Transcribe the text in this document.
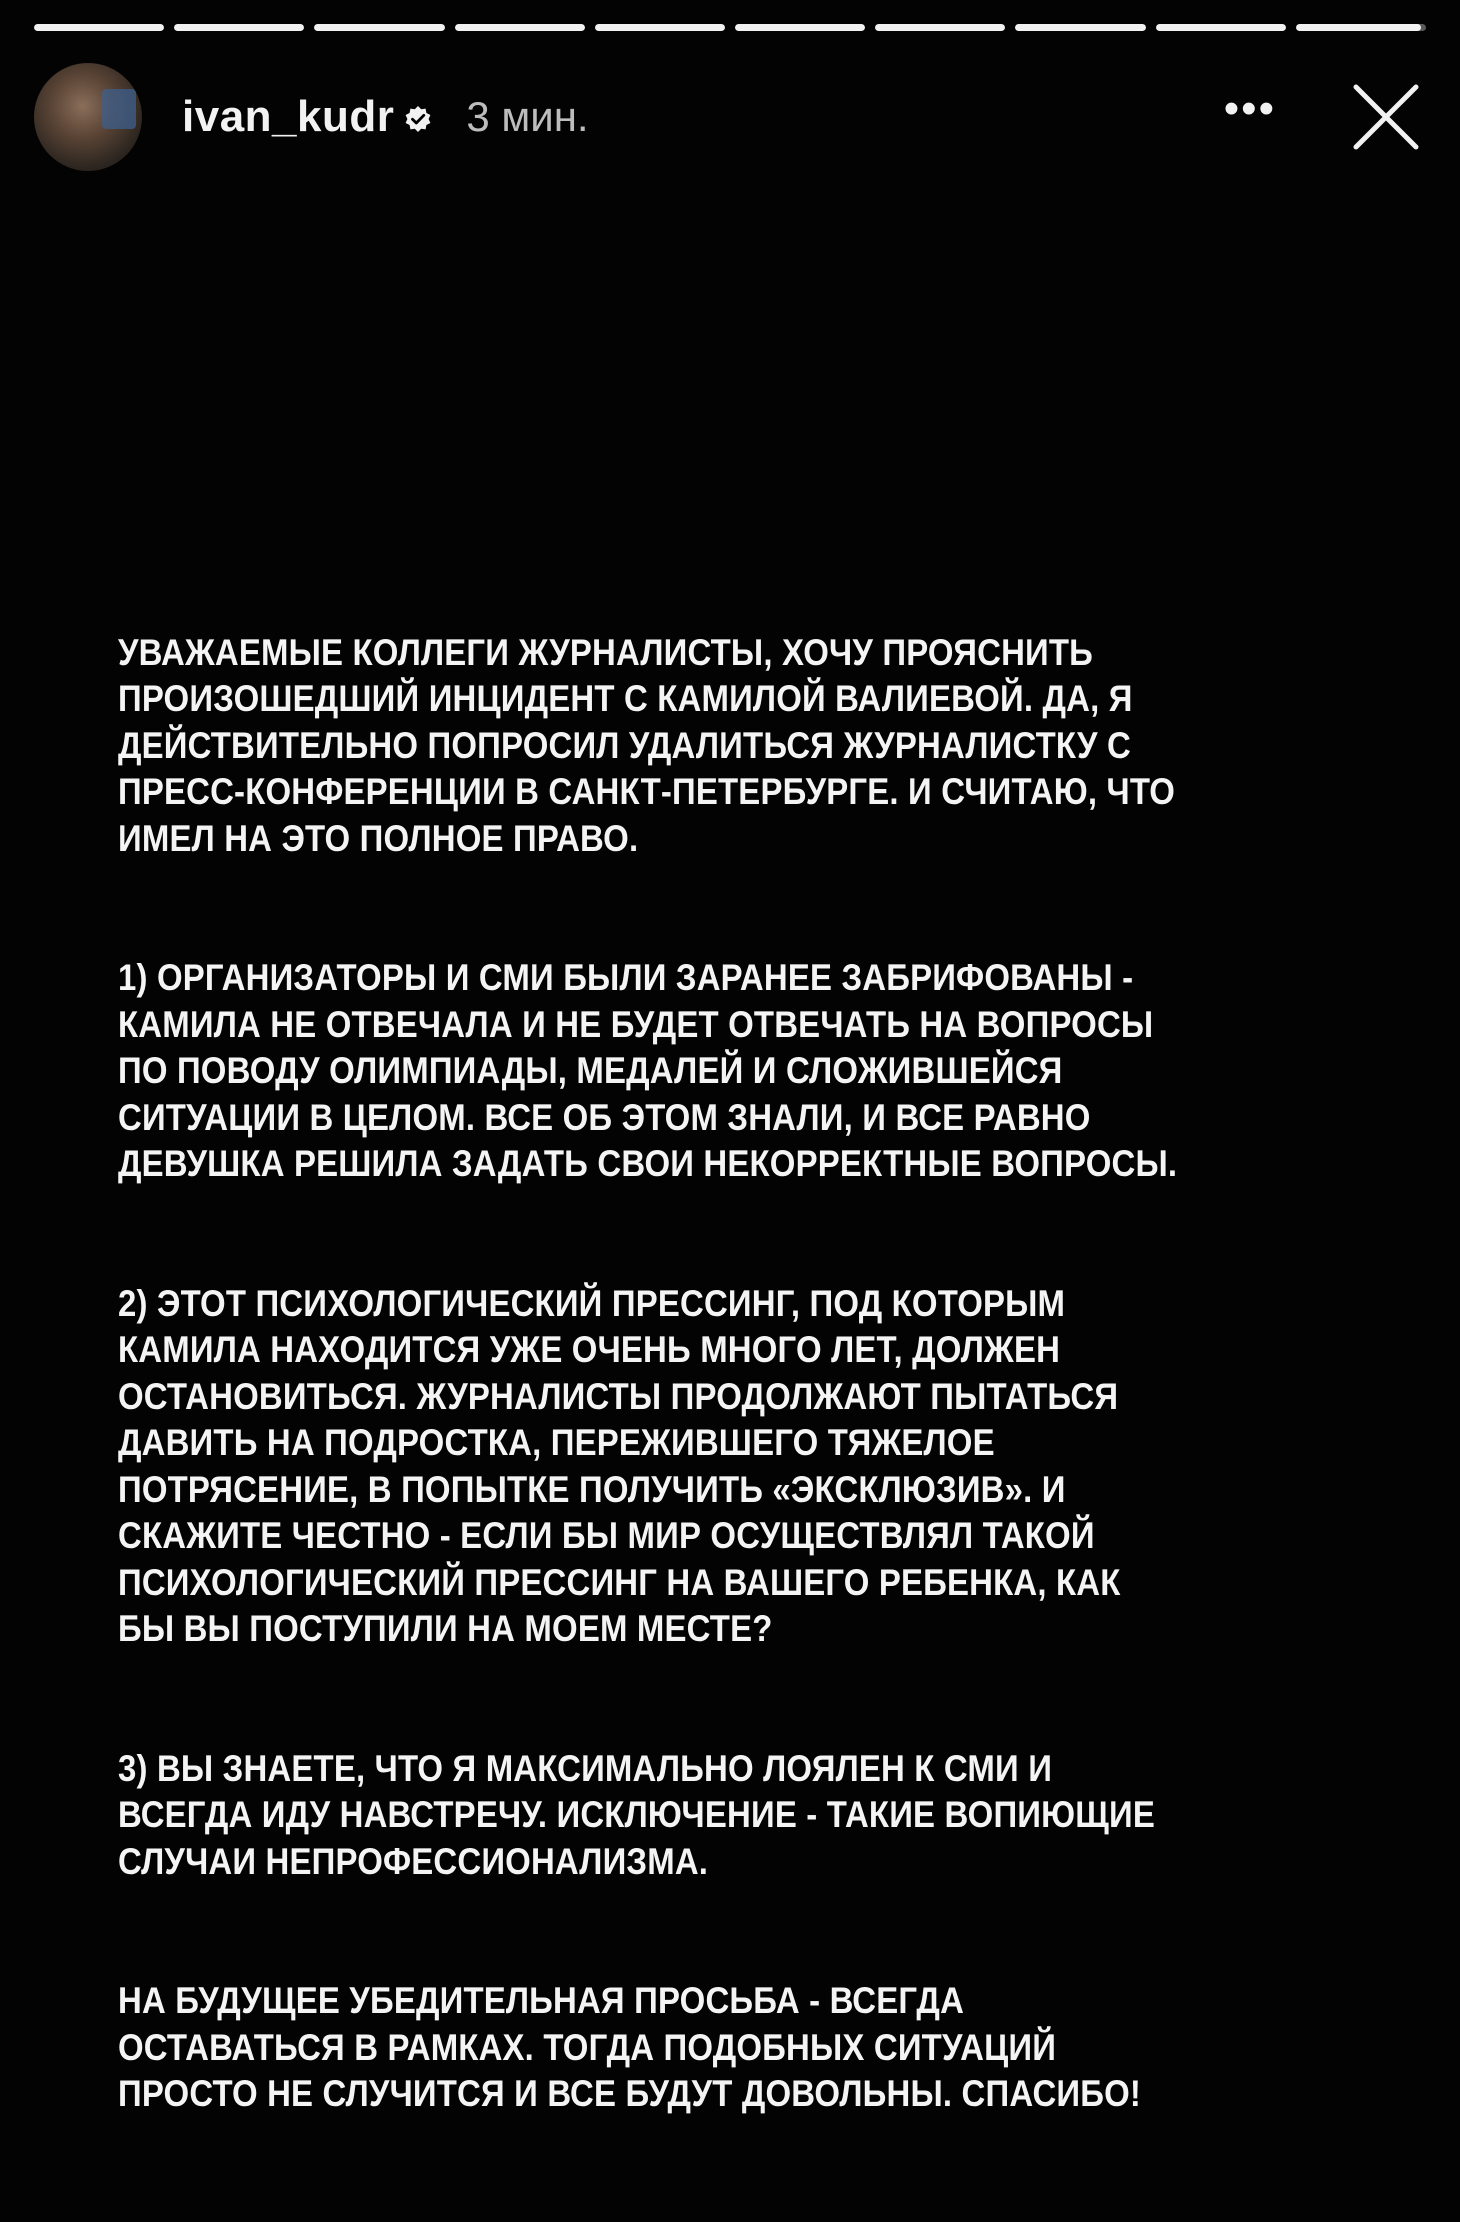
ivan_kudr 3 мин.	•••

УВАЖАЕМЫЕ КОЛЛЕГИ ЖУРНАЛИСТЫ, ХОЧУ ПРОЯСНИТЬ
ПРОИЗОШЕДШИЙ ИНЦИДЕНТ С КАМИЛОЙ ВАЛИЕВОЙ. ДА, Я
ДЕЙСТВИТЕЛЬНО ПОПРОСИЛ УДАЛИТЬСЯ ЖУРНАЛИСТКУ С
ПРЕСС-КОНФЕРЕНЦИИ В САНКТ-ПЕТЕРБУРГЕ. И СЧИТАЮ, ЧТО
ИМЕЛ НА ЭТО ПОЛНОЕ ПРАВО.

1) ОРГАНИЗАТОРЫ И СМИ БЫЛИ ЗАРАНЕЕ ЗАБРИФОВАНЫ -
КАМИЛА НЕ ОТВЕЧАЛА И НЕ БУДЕТ ОТВЕЧАТЬ НА ВОПРОСЫ
ПО ПОВОДУ ОЛИМПИАДЫ, МЕДАЛЕЙ И СЛОЖИВШЕЙСЯ
СИТУАЦИИ В ЦЕЛОМ. ВСЕ ОБ ЭТОМ ЗНАЛИ, И ВСЕ РАВНО
ДЕВУШКА РЕШИЛА ЗАДАТЬ СВОИ НЕКОРРЕКТНЫЕ ВОПРОСЫ.

2) ЭТОТ ПСИХОЛОГИЧЕСКИЙ ПРЕССИНГ, ПОД КОТОРЫМ
КАМИЛА НАХОДИТСЯ УЖЕ ОЧЕНЬ МНОГО ЛЕТ, ДОЛЖЕН
ОСТАНОВИТЬСЯ. ЖУРНАЛИСТЫ ПРОДОЛЖАЮТ ПЫТАТЬСЯ
ДАВИТЬ НА ПОДРОСТКА, ПЕРЕЖИВШЕГО ТЯЖЕЛОЕ
ПОТРЯСЕНИЕ, В ПОПЫТКЕ ПОЛУЧИТЬ «ЭКСКЛЮЗИВ». И
СКАЖИТЕ ЧЕСТНО - ЕСЛИ БЫ МИР ОСУЩЕСТВЛЯЛ ТАКОЙ
ПСИХОЛОГИЧЕСКИЙ ПРЕССИНГ НА ВАШЕГО РЕБЕНКА, КАК
БЫ ВЫ ПОСТУПИЛИ НА МОЕМ МЕСТЕ?

3) ВЫ ЗНАЕТЕ, ЧТО Я МАКСИМАЛЬНО ЛОЯЛЕН К СМИ И
ВСЕГДА ИДУ НАВСТРЕЧУ. ИСКЛЮЧЕНИЕ - ТАКИЕ ВОПИЮЩИЕ
СЛУЧАИ НЕПРОФЕССИОНАЛИЗМА.

НА БУДУЩЕЕ УБЕДИТЕЛЬНАЯ ПРОСЬБА - ВСЕГДА
ОСТАВАТЬСЯ В РАМКАХ. ТОГДА ПОДОБНЫХ СИТУАЦИЙ
ПРОСТО НЕ СЛУЧИТСЯ И ВСЕ БУДУТ ДОВОЛЬНЫ. СПАСИБО!
